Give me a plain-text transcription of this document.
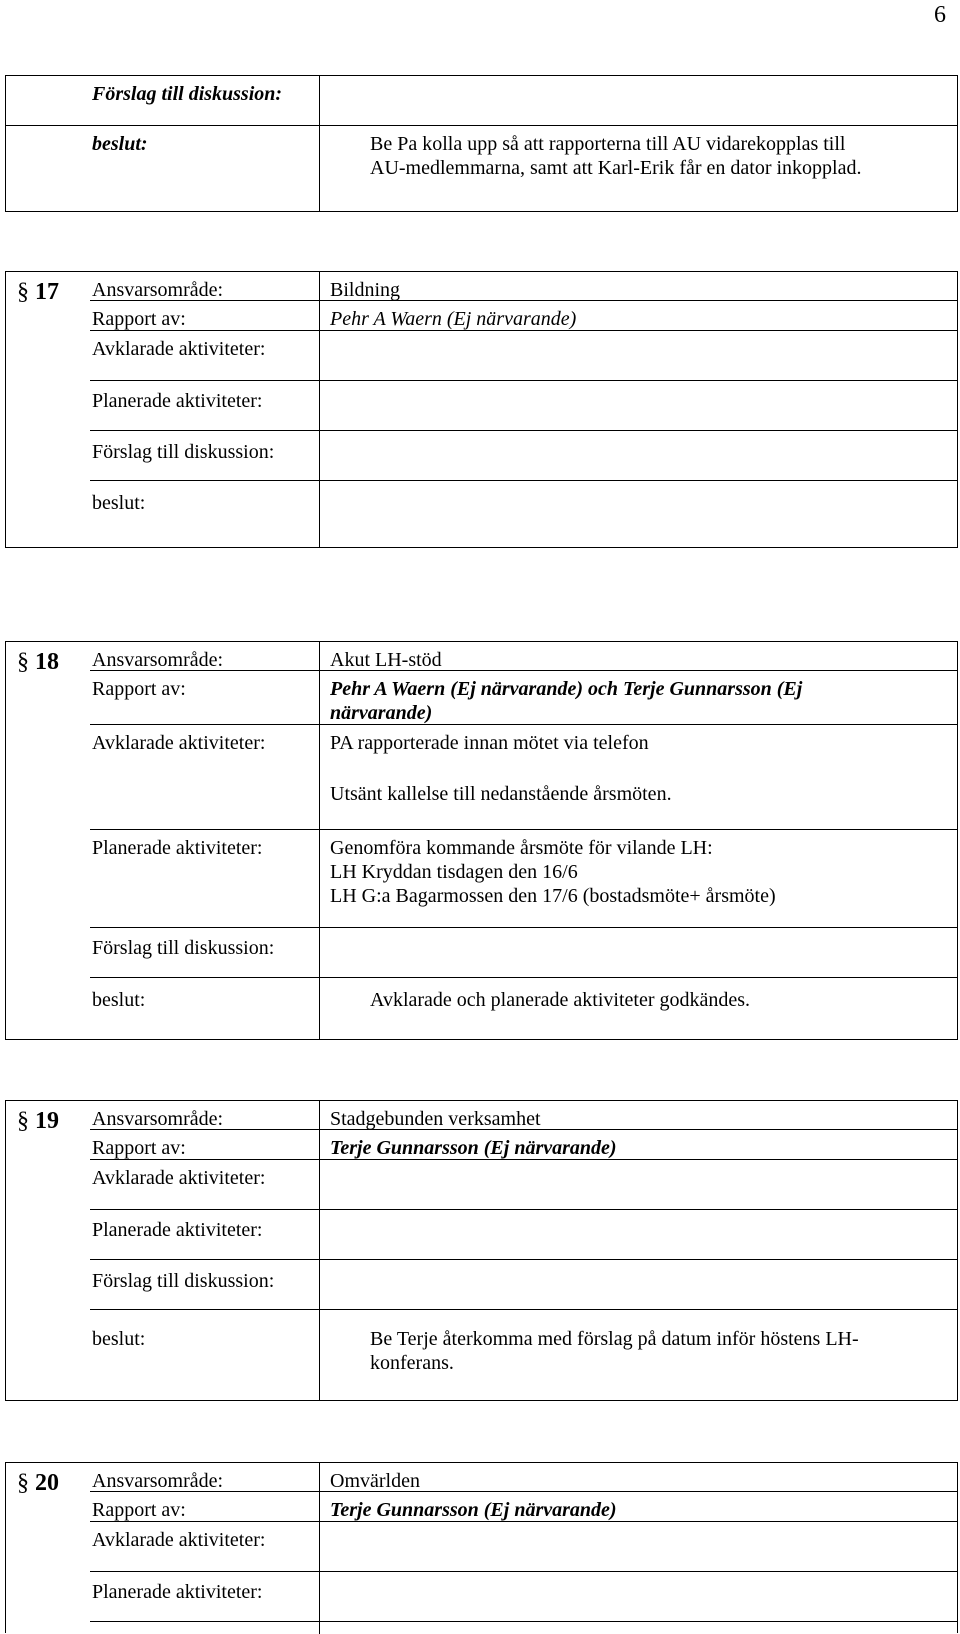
6
Förslag till diskussion:
beslut:	Be Pa kolla upp så att rapporterna till AU vidarekopplas till
AU-medlemmarna, samt att Karl-Erik får en dator inkopplad.
§ 17 Ansvarsområde:	Bildning
Rapport av:	Pehr A Waern (Ej närvarande)
Avklarade aktiviteter:
Planerade aktiviteter:
Förslag till diskussion:
beslut:
§ 18 Ansvarsområde:	Akut LH-stöd
Rapport av:	Pehr A Waern (Ej närvarande) och Terje Gunnarsson (Ej
närvarande)
Avklarade aktiviteter:	PA rapporterade innan mötet via telefon
Utsänt kallelse till nedanstående årsmöten.
Planerade aktiviteter:	Genomföra kommande årsmöte för vilande LH:
LH Kryddan tisdagen den 16/6
LH G:a Bagarmossen den 17/6 (bostadsmöte+ årsmöte)
Förslag till diskussion:
beslut:	Avklarade och planerade aktiviteter godkändes.
§ 19 Ansvarsområde:	Stadgebunden verksamhet
Rapport av:	Terje Gunnarsson (Ej närvarande)
Avklarade aktiviteter:
Planerade aktiviteter:
Förslag till diskussion:
beslut:	Be Terje återkomma med förslag på datum inför höstens LH-
konferans.
§ 20 Ansvarsområde:	Omvärlden
Rapport av:	Terje Gunnarsson (Ej närvarande)
Avklarade aktiviteter:
Planerade aktiviteter:
